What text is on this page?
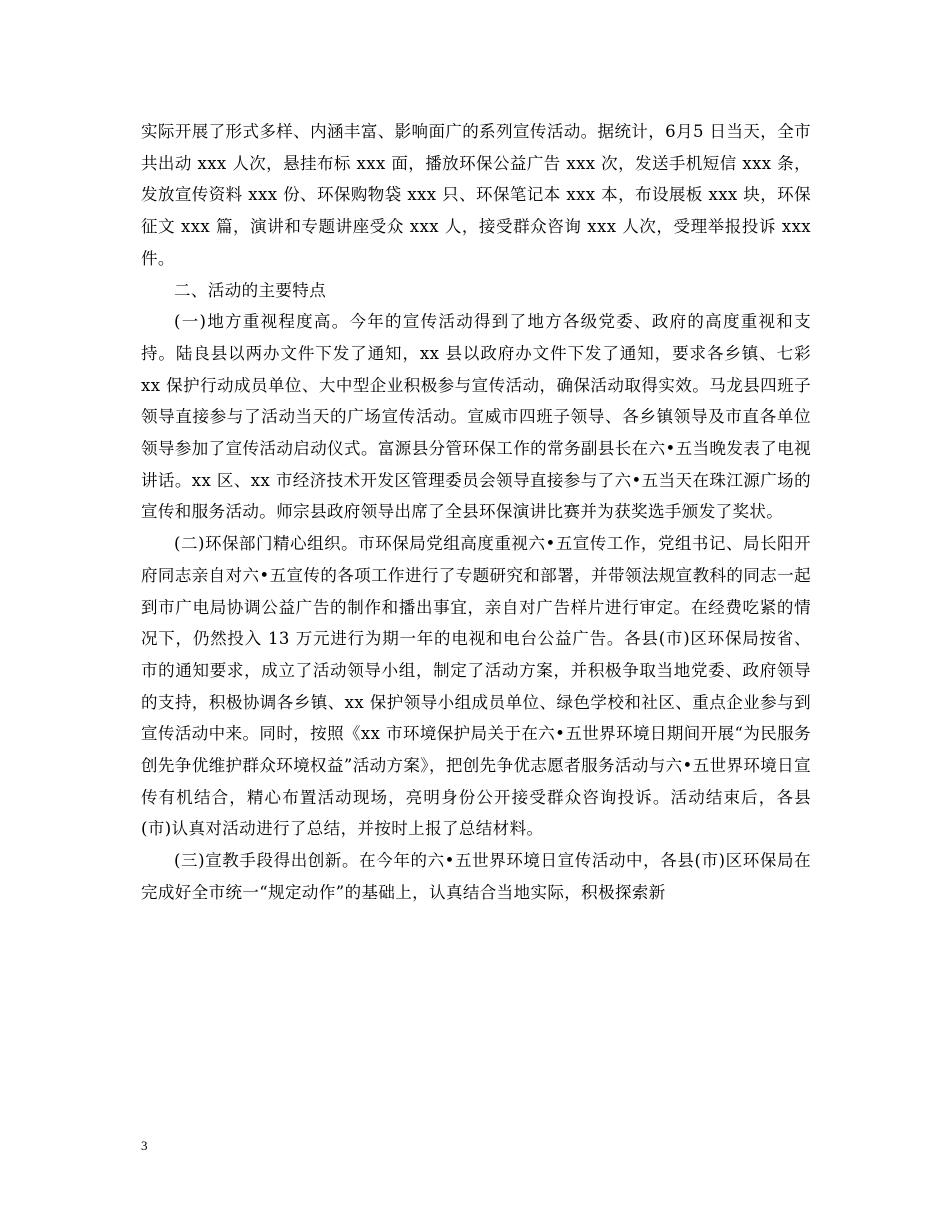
实际开展了形式多样、内涵丰富、影响面广的系列宣传活动。据统计，6月5 日当天，全市共出动 xxx 人次，悬挂布标 xxx 面，播放环保公益广告 xxx 次，发送手机短信 xxx 条，发放宣传资料 xxx 份、环保购物袋 xxx 只、环保笔记本 xxx 本，布设展板 xxx 块，环保征文 xxx 篇，演讲和专题讲座受众 xxx 人，接受群众咨询 xxx 人次，受理举报投诉 xxx 件。

二、活动的主要特点

(一)地方重视程度高。今年的宣传活动得到了地方各级党委、政府的高度重视和支持。陆良县以两办文件下发了通知，xx 县以政府办文件下发了通知，要求各乡镇、七彩 xx 保护行动成员单位、大中型企业积极参与宣传活动，确保活动取得实效。马龙县四班子领导直接参与了活动当天的广场宣传活动。宣威市四班子领导、各乡镇领导及市直各单位领导参加了宣传活动启动仪式。富源县分管环保工作的常务副县长在六•五当晚发表了电视讲话。xx 区、xx 市经济技术开发区管理委员会领导直接参与了六•五当天在珠江源广场的宣传和服务活动。师宗县政府领导出席了全县环保演讲比赛并为获奖选手颁发了奖状。

(二)环保部门精心组织。市环保局党组高度重视六•五宣传工作，党组书记、局长阳开府同志亲自对六•五宣传的各项工作进行了专题研究和部署，并带领法规宣教科的同志一起到市广电局协调公益广告的制作和播出事宜，亲自对广告样片进行审定。在经费吃紧的情况下，仍然投入 13 万元进行为期一年的电视和电台公益广告。各县(市)区环保局按省、市的通知要求，成立了活动领导小组，制定了活动方案，并积极争取当地党委、政府领导的支持，积极协调各乡镇、xx 保护领导小组成员单位、绿色学校和社区、重点企业参与到宣传活动中来。同时，按照《xx 市环境保护局关于在六•五世界环境日期间开展“为民服务创先争优维护群众环境权益”活动方案》，把创先争优志愿者服务活动与六•五世界环境日宣传有机结合，精心布置活动现场，亮明身份公开接受群众咨询投诉。活动结束后，各县 (市)认真对活动进行了总结，并按时上报了总结材料。

(三)宣教手段得出创新。在今年的六•五世界环境日宣传活动中，各县(市)区环保局在完成好全市统一“规定动作”的基础上，认真结合当地实际，积极探索新

3
